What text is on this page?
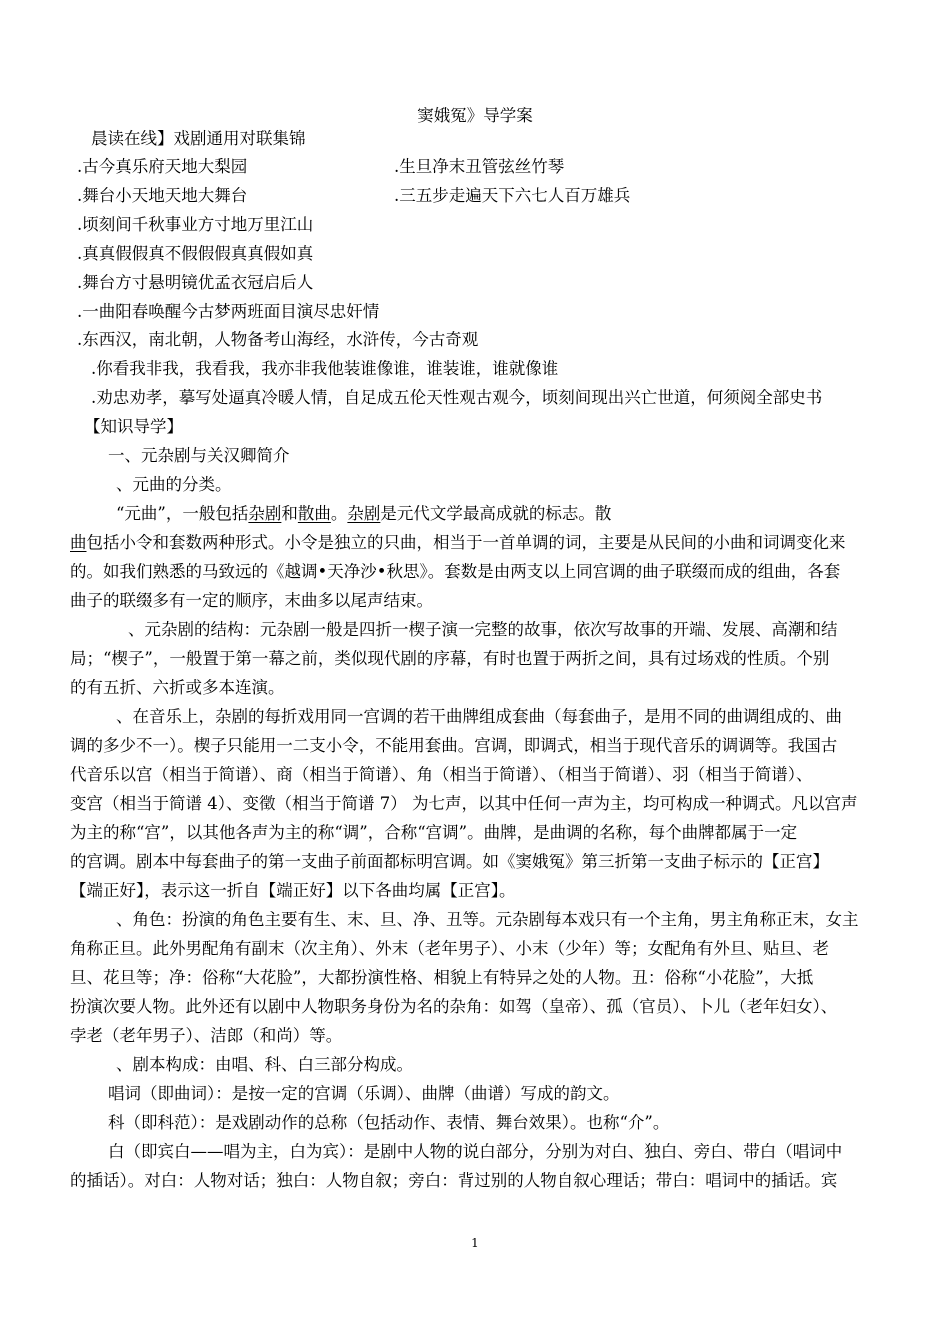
窦娥冤》导学案
晨读在线】戏剧通用对联集锦
.古今真乐府天地大梨园	.生旦净末丑管弦丝竹琴
.舞台小天地天地大舞台	.三五步走遍天下六七人百万雄兵
.顷刻间千秋事业方寸地万里江山
.真真假假真不假假假真真假如真
.舞台方寸悬明镜优孟衣冠启后人
.一曲阳春唤醒今古梦两班面目演尽忠奸情
.东西汉，南北朝，人物备考山海经，水浒传，今古奇观
.你看我非我，我看我，我亦非我他装谁像谁，谁装谁，谁就像谁
.劝忠劝孝，摹写处逼真冷暖人情，自足成五伦天性观古观今，顷刻间现出兴亡世道，何须阅全部史书
【知识导学】
一、元杂剧与关汉卿简介
、元曲的分类。
“元曲”，一般包括杂剧和散曲。杂剧是元代文学最高成就的标志。散
曲包括小令和套数两种形式。小令是独立的只曲，相当于一首单调的词，主要是从民间的小曲和词调变化来
的。如我们熟悉的马致远的《越调•天净沙•秋思》。套数是由两支以上同宫调的曲子联缀而成的组曲，各套
曲子的联缀多有一定的顺序，末曲多以尾声结束。
、元杂剧的结构：元杂剧一般是四折一楔子演一完整的故事，依次写故事的开端、发展、高潮和结
局；“楔子”，一般置于第一幕之前，类似现代剧的序幕，有时也置于两折之间，具有过场戏的性质。个别
的有五折、六折或多本连演。
、在音乐上，杂剧的每折戏用同一宫调的若干曲牌组成套曲（每套曲子，是用不同的曲调组成的、曲
调的多少不一）。楔子只能用一二支小令，不能用套曲。宫调，即调式，相当于现代音乐的调调等。我国古
代音乐以宫（相当于简谱）、商（相当于简谱）、角（相当于简谱）、（相当于简谱）、羽（相当于简谱）、
变宫（相当于简谱 4）、变徵（相当于简谱 7） 为七声，以其中任何一声为主，均可构成一种调式。凡以宫声
为主的称“宫”，以其他各声为主的称“调”，合称“宫调”。曲牌，是曲调的名称，每个曲牌都属于一定
的宫调。剧本中每套曲子的第一支曲子前面都标明宫调。如《窦娥冤》第三折第一支曲子标示的【正宫】
【端正好】，表示这一折自【端正好】以下各曲均属【正宫】。
、角色：扮演的角色主要有生、末、旦、净、丑等。元杂剧每本戏只有一个主角，男主角称正末，女主
角称正旦。此外男配角有副末（次主角）、外末（老年男子）、小末（少年）等；女配角有外旦、贴旦、老
旦、花旦等；净：俗称“大花脸”，大都扮演性格、相貌上有特异之处的人物。丑：俗称“小花脸”，大抵
扮演次要人物。此外还有以剧中人物职务身份为名的杂角：如驾（皇帝）、孤（官员）、卜儿（老年妇女）、
孛老（老年男子）、洁郎（和尚）等。
、剧本构成：由唱、科、白三部分构成。
唱词（即曲词）：是按一定的宫调（乐调）、曲牌（曲谱）写成的韵文。
科（即科范）：是戏剧动作的总称（包括动作、表情、舞台效果）。也称“介”。
白（即宾白——唱为主，白为宾）：是剧中人物的说白部分，分别为对白、独白、旁白、带白（唱词中
的插话）。对白：人物对话；独白：人物自叙；旁白：背过别的人物自叙心理话；带白：唱词中的插话。宾
1
